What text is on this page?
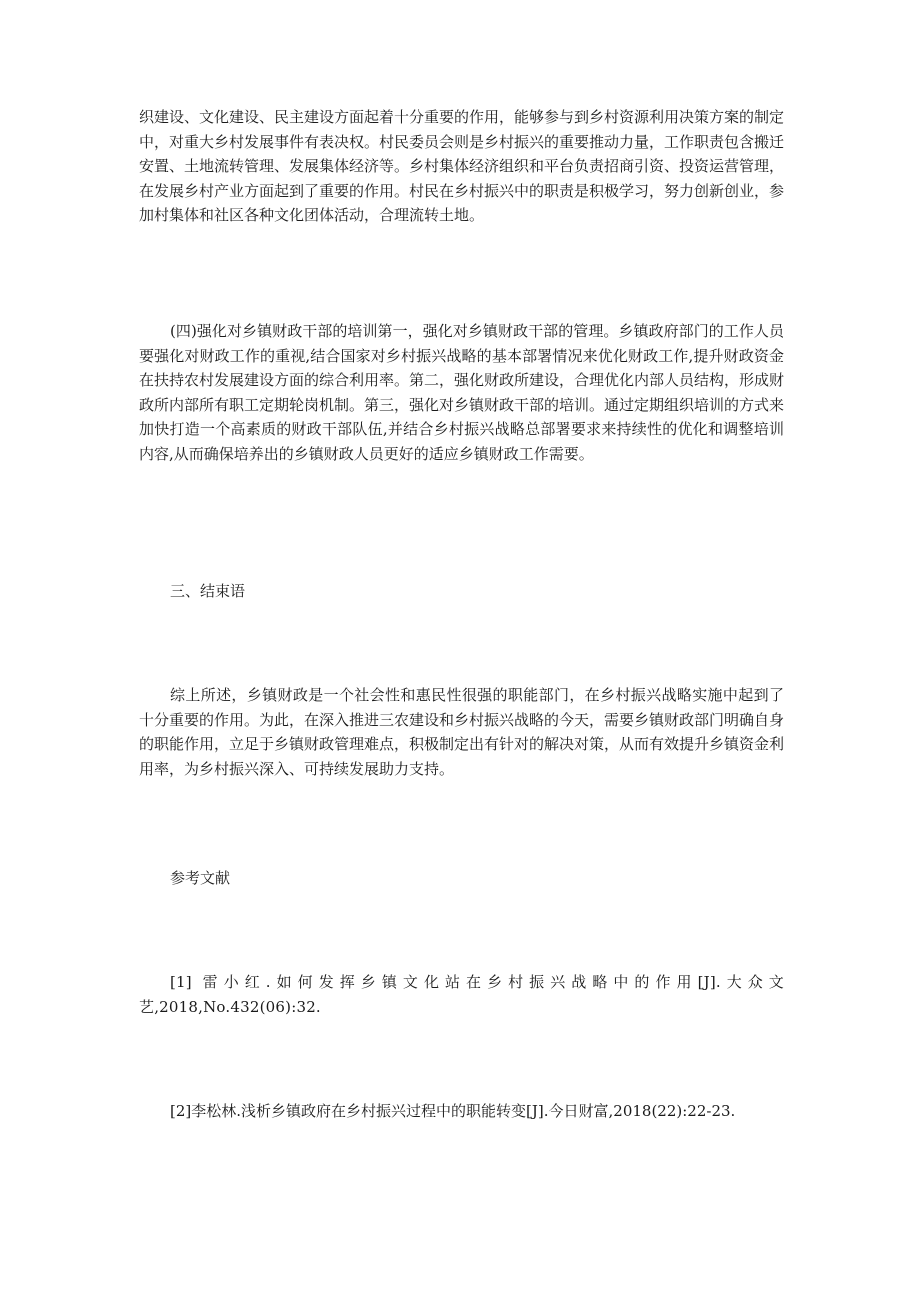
织建设、文化建设、民主建设方面起着十分重要的作用，能够参与到乡村资源利用决策方案的制定中，对重大乡村发展事件有表决权。村民委员会则是乡村振兴的重要推动力量，工作职责包含搬迁安置、土地流转管理、发展集体经济等。乡村集体经济组织和平台负责招商引资、投资运营管理，在发展乡村产业方面起到了重要的作用。村民在乡村振兴中的职责是积极学习，努力创新创业，参加村集体和社区各种文化团体活动，合理流转土地。

(四)强化对乡镇财政干部的培训第一，强化对乡镇财政干部的管理。乡镇政府部门的工作人员要强化对财政工作的重视,结合国家对乡村振兴战略的基本部署情况来优化财政工作,提升财政资金在扶持农村发展建设方面的综合利用率。第二，强化财政所建设，合理优化内部人员结构，形成财政所内部所有职工定期轮岗机制。第三，强化对乡镇财政干部的培训。通过定期组织培训的方式来加快打造一个高素质的财政干部队伍,并结合乡村振兴战略总部署要求来持续性的优化和调整培训内容,从而确保培养出的乡镇财政人员更好的适应乡镇财政工作需要。

三、结束语

综上所述，乡镇财政是一个社会性和惠民性很强的职能部门，在乡村振兴战略实施中起到了十分重要的作用。为此，在深入推进三农建设和乡村振兴战略的今天，需要乡镇财政部门明确自身的职能作用，立足于乡镇财政管理难点，积极制定出有针对的解决对策，从而有效提升乡镇资金利用率，为乡村振兴深入、可持续发展助力支持。

参考文献

[1] 雷小红.如何发挥乡镇文化站在乡村振兴战略中的作用[J].大众文艺,2018,No.432(06):32.

[2]李松林.浅析乡镇政府在乡村振兴过程中的职能转变[J].今日财富,2018(22):22-23.
